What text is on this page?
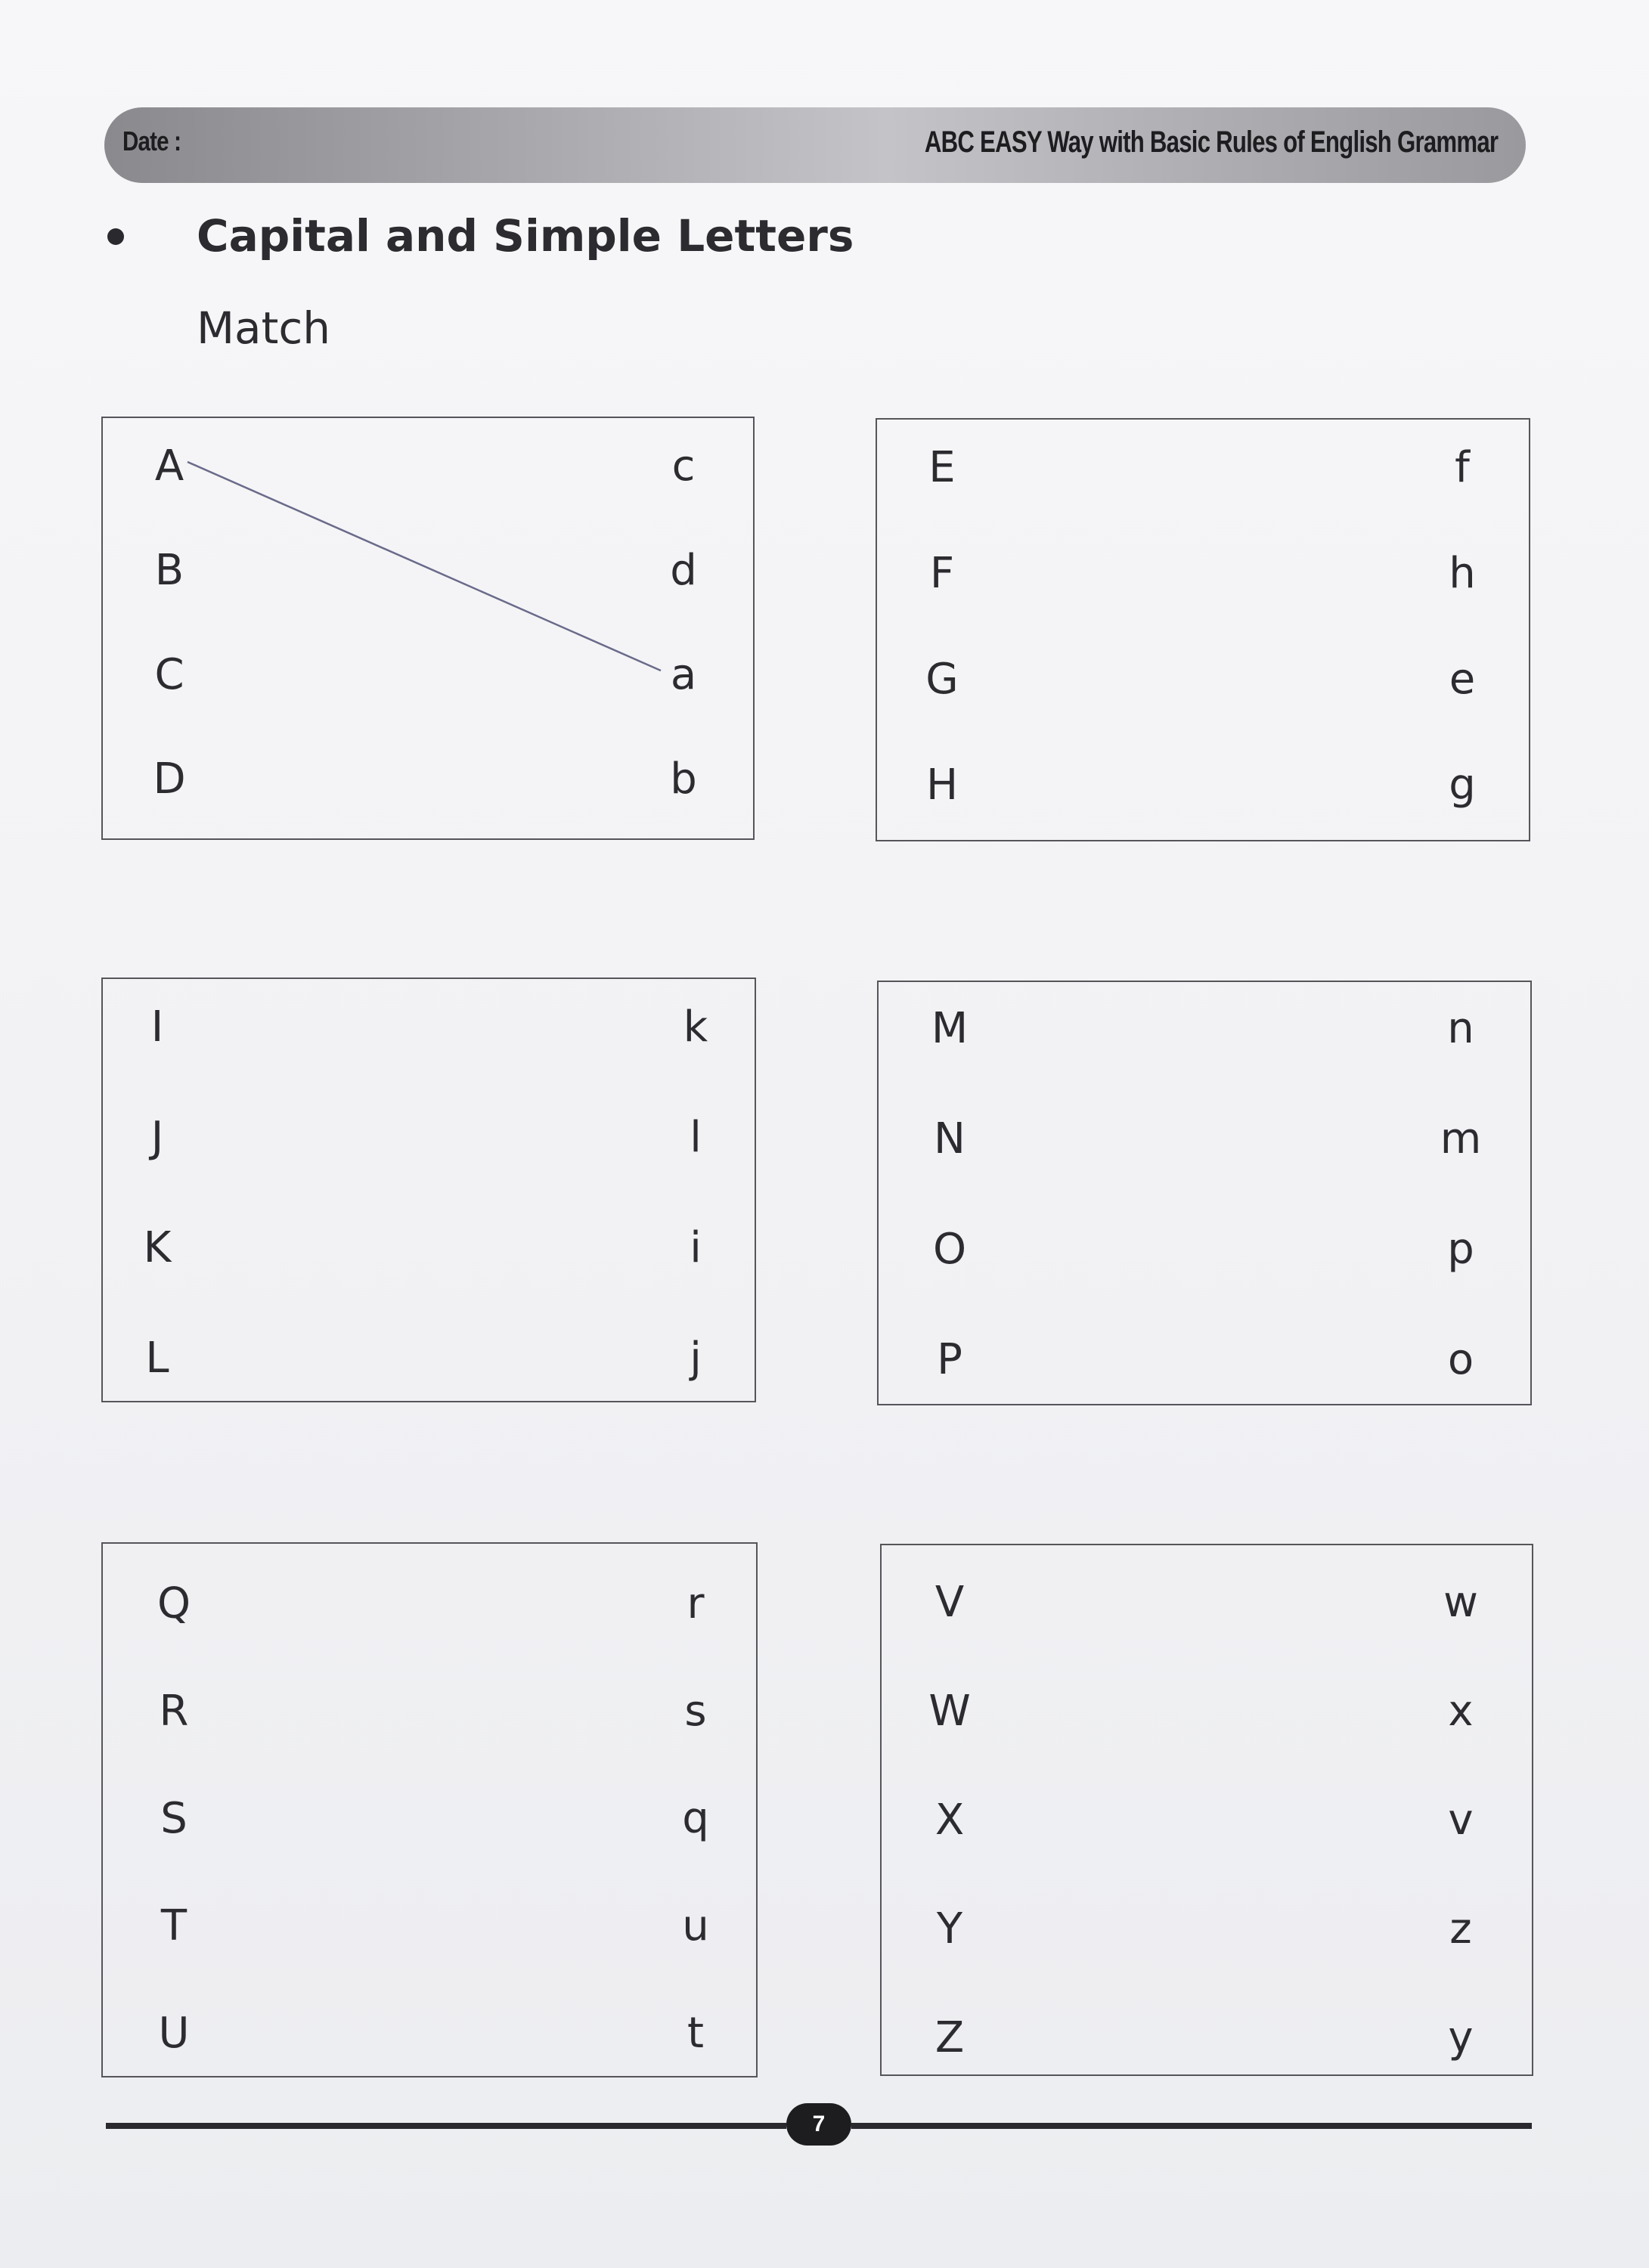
Date :	ABC EASY Way with Basic Rules of English Grammar
Capital and Simple Letters
Match
A
B
C
D
c
d
a
b
E
F
G
H
f
h
e
g
I
J
K
L
k
l
i
j
M
N
O
P
n
m
p
o
Q
R
S
T
U
r
s
q
u
t
V
W
X
Y
Z
w
x
v
z
y
7
